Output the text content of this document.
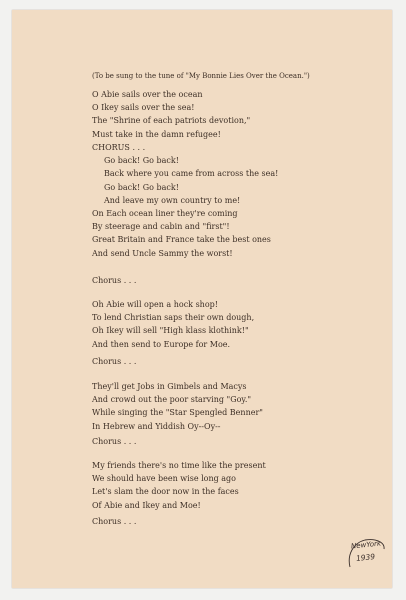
(To be sung to the tune of "My Bonnie Lies Over the Ocean.")
O Abie sails over the ocean
O Ikey sails over the sea!
The "Shrine of each patriots devotion,"
Must take in the damn refugee!
CHORUS . . .
Go back! Go back!
Back where you came from across the sea!
Go back! Go back!
And leave my own country to me!
On Each ocean liner they're coming
By steerage and cabin and "first"!
Great Britain and France take the best ones
And send Uncle Sammy the worst!
Chorus . . .
Oh Abie will open a hock shop!
To lend Christian saps their own dough,
Oh Ikey will sell "High klass klothink!"
And then send to Europe for Moe.
Chorus . . .
They'll get Jobs in Gimbels and Macys
And crowd out the poor starving "Goy."
While singing the "Star Spengled Benner"
In Hebrew and Yiddish Oy--Oy--
Chorus . . .
My friends there's no time like the present
We should have been wise long ago
Let's slam the door now in the faces
Of Abie and Ikey and Moe!
Chorus . . .
NewYork
1939
